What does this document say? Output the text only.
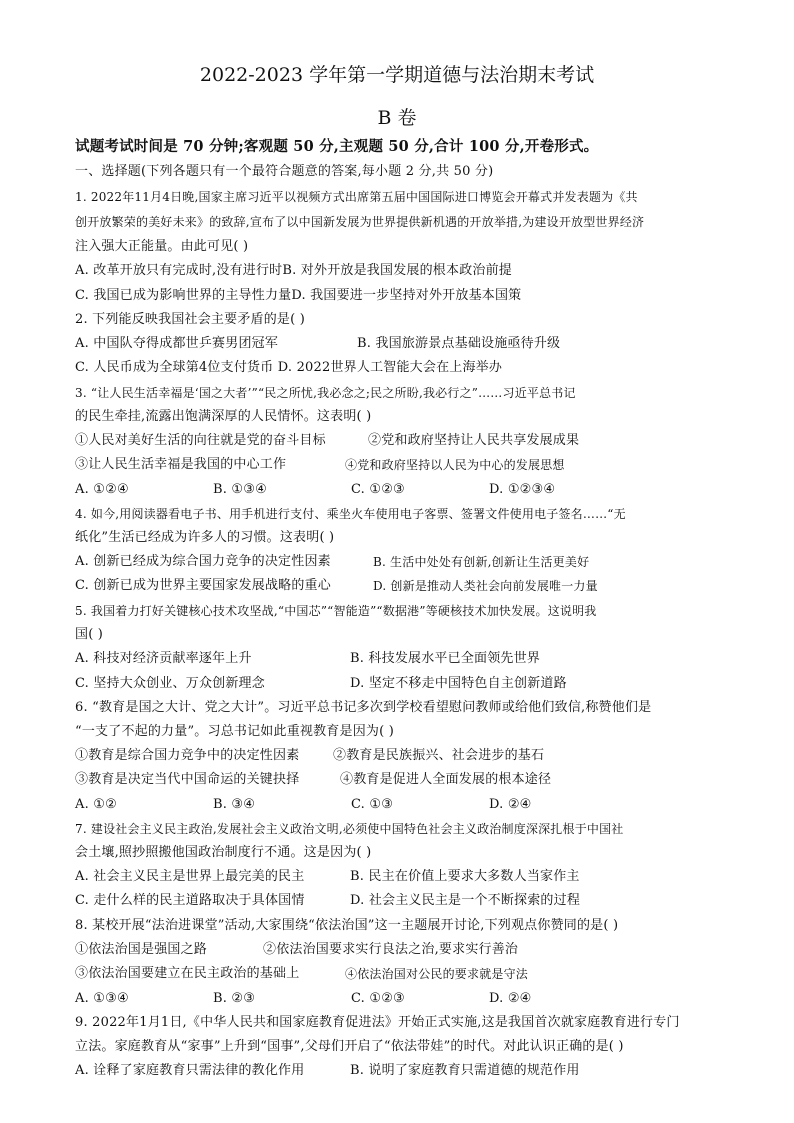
2022-2023 学年第一学期道德与法治期末考试
B 卷
试题考试时间是 70 分钟;客观题 50 分,主观题 50 分,合计 100 分,开卷形式。
一、选择题(下列各题只有一个最符合题意的答案,每小题 2 分,共 50 分)
1. 2022年11月4日晚,国家主席习近平以视频方式出席第五届中国国际进口博览会开幕式并发表题为《共
创开放繁荣的美好未来》的致辞,宣布了以中国新发展为世界提供新机遇的开放举措,为建设开放型世界经济
注入强大正能量。由此可见( )
A. 改革开放只有完成时,没有进行时B. 对外开放是我国发展的根本政治前提
C. 我国已成为影响世界的主导性力量D. 我国要进一步坚持对外开放基本国策
2. 下列能反映我国社会主要矛盾的是( )
A. 中国队夺得成都世乒赛男团冠军	B. 我国旅游景点基础设施亟待升级
C. 人民币成为全球第4位支付货币 D. 2022世界人工智能大会在上海举办
3. “让人民生活幸福是‘国之大者’”“民之所忧,我必念之;民之所盼,我必行之”……习近平总书记
的民生牵挂,流露出饱满深厚的人民情怀。这表明( )
①人民对美好生活的向往就是党的奋斗目标	②党和政府坚持让人民共享发展成果
③让人民生活幸福是我国的中心工作	④党和政府坚持以人民为中心的发展思想
A. ①②④	B. ①③④	C. ①②③	D. ①②③④
4. 如今,用阅读器看电子书、用手机进行支付、乘坐火车使用电子客票、签署文件使用电子签名……“无
纸化”生活已经成为许多人的习惯。这表明( )
A. 创新已经成为综合国力竞争的决定性因素	B. 生活中处处有创新,创新让生活更美好
C. 创新已成为世界主要国家发展战略的重心	D. 创新是推动人类社会向前发展唯一力量
5. 我国着力打好关键核心技术攻坚战,“中国芯”“智能造”“数据港”等硬核技术加快发展。这说明我
国( )
A. 科技对经济贡献率逐年上升	B. 科技发展水平已全面领先世界
C. 坚持大众创业、万众创新理念	D. 坚定不移走中国特色自主创新道路
6. “教育是国之大计、党之大计”。习近平总书记多次到学校看望慰问教师或给他们致信,称赞他们是
“一支了不起的力量”。习总书记如此重视教育是因为( )
①教育是综合国力竞争中的决定性因素	②教育是民族振兴、社会进步的基石
③教育是决定当代中国命运的关键抉择	④教育是促进人全面发展的根本途径
A. ①②	B. ③④	C. ①③	D. ②④
7. 建设社会主义民主政治,发展社会主义政治文明,必须使中国特色社会主义政治制度深深扎根于中国社
会土壤,照抄照搬他国政治制度行不通。这是因为( )
A. 社会主义民主是世界上最完美的民主	B. 民主在价值上要求大多数人当家作主
C. 走什么样的民主道路取决于具体国情	D. 社会主义民主是一个不断探索的过程
8. 某校开展“法治进课堂”活动,大家围绕“依法治国”这一主题展开讨论,下列观点你赞同的是( )
①依法治国是强国之路	②依法治国要求实行良法之治,要求实行善治
③依法治国要建立在民主政治的基础上	④依法治国对公民的要求就是守法
A. ①③④	B. ②③	C. ①②③	D. ②④
9. 2022年1月1日,《中华人民共和国家庭教育促进法》开始正式实施,这是我国首次就家庭教育进行专门
立法。家庭教育从“家事”上升到“国事”,父母们开启了“依法带娃”的时代。对此认识正确的是( )
A. 诠释了家庭教育只需法律的教化作用	B. 说明了家庭教育只需道德的规范作用
